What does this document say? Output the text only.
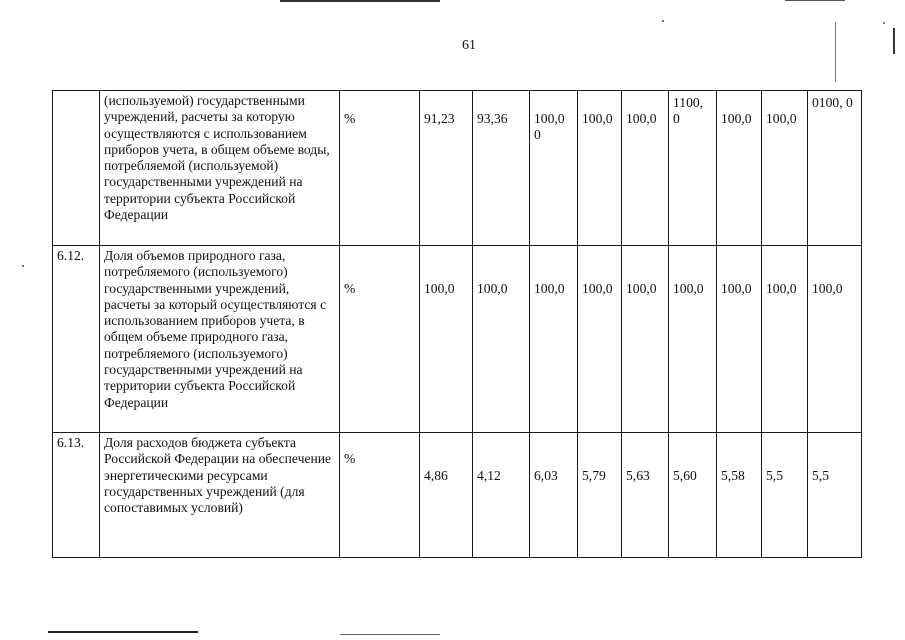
61
	(используемой) государственными учреждений, расчеты за которую осуществляются с использованием приборов учета, в общем объеме воды, потребляемой (используемой) государственными учреждений на территории субъекта Российской Федерации	%	91,23	93,36	100,0 0	100,0	100,0	1100, 0	100,0	100,0	0100, 0

6.12.	Доля объемов природного газа, потребляемого (используемого) государственными учреждений, расчеты за который осуществляются с использованием приборов учета, в общем объеме природного газа, потребляемого (используемого) государственными учреждений на территории субъекта Российской Федерации	%	100,0	100,0	100,0	100,0	100,0	100,0	100,0	100,0	100,0
6.13.	Доля расходов бюджета субъекта Российской Федерации на обеспечение энергетическими ресурсами государственных учреждений (для сопоставимых условий)	%	4,86	4,12	6,03	5,79	5,63	5,60	5,58	5,5	5,5
